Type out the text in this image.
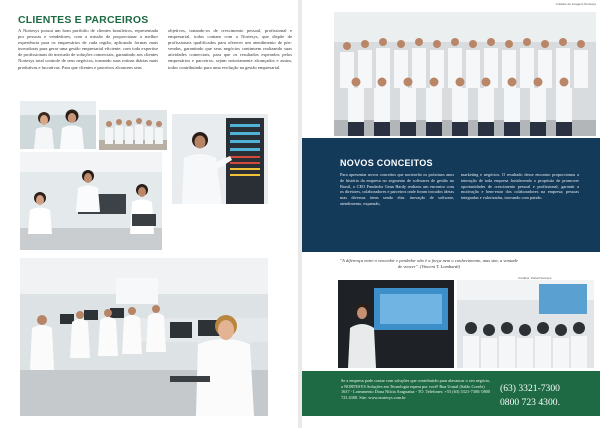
CLIENTES E PARCEIROS
A Nortesys possui um bom portfolio de clientes brasileiros, representada por pessoas e vendedores, com a missão de proporcionar a melhor experiência para os empresários de cada região, aplicando formas mais inovadoras para gerar uma gestão empresarial eficiente, com toda expertise de profissionais do mercado de soluções comerciais, garantindo aos clientes Nortesys total controle de seus negócios, tornando suas rotinas diárias mais produtivas e lucrativas. Para que clientes e parceiros alcancem seus
objetivos, tratando-os de crescimento pessoal, profissional e empresarial, todos contam com a Nortesys, que dispõe de profissionais qualificados para oferecer um atendimento de pós-vendas, garantindo que seus negócios continuem realizando suas atividades comerciais, para que os resultados esperados pelos empresários e parceiros, sejam notoriamente alcançados e assim, todos contribuindo para uma evolução na gestão empresarial.
Créditos de Imagens Nortesys
NOVOS CONCEITOS
Para apresentar novos conceitos que norteavão os próximos anos de história da empresa no segmento de softwares de gestão no Brasil, o CEO Fundador Gean Hardy realizou um encontro com os diretores, colaboradores e parceiros onde foram trocados ideias mas diversas áreas sendo elas: inovação de software, atendimento, expansão,
marketing e negócios. O resultado desse encontro proporcionou a interação de toda empresa fortalecendo o propósito de promover oportunidades de crescimento pessoal e profissional, garantir a motivação e bem-estar dos colaboradores na empresa; pessoas integradas e valorizadas, inovando com paixão.
"A diferença entre o vencedor e perdedor não é a força nem o conhecimento, mas sim, a vontade de vencer". (Vincent T. Lombardi)
Créditos: Portal Nortesys
Se a empresa pode contar com soluções que contribuirão para alavancar o seu negócio, a NORTESYS Soluções em Tecnologia espera por você! Rua Urutal (Salão Corrêa) 1637 - Loteamento Dona Nilcia Araguaína - TO. Telefones: +55 (63) 3321-7300/ 0800 723 4300. Site: www.nortesys.com.br
(63) 3321-7300
0800 723 4300.
